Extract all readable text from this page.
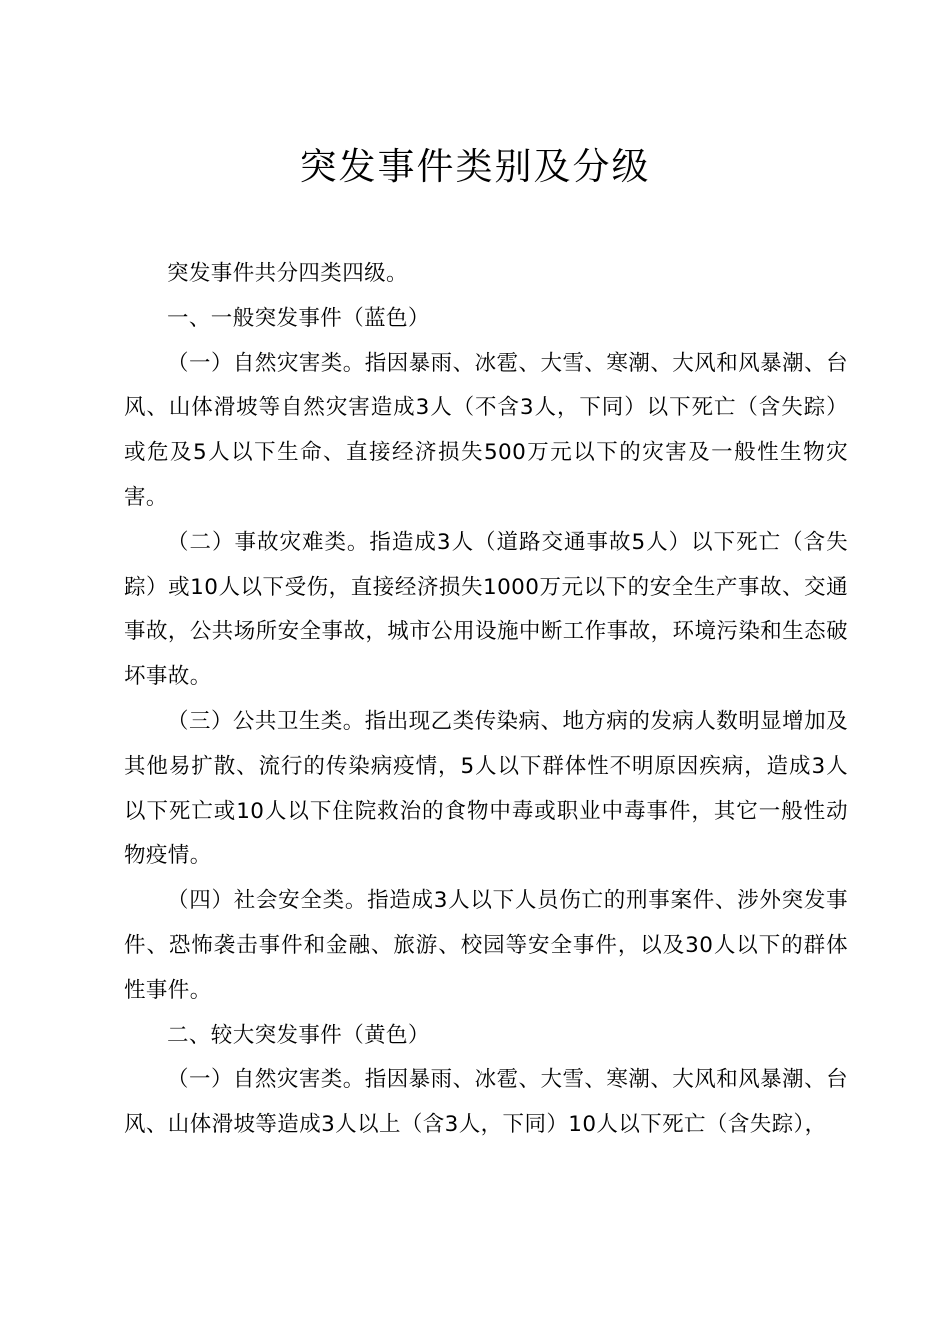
突发事件类别及分级

突发事件共分四类四级。

一、一般突发事件（蓝色）

（一）自然灾害类。指因暴雨、冰雹、大雪、寒潮、大风和风暴潮、台风、山体滑坡等自然灾害造成3人（不含3人，下同）以下死亡（含失踪）或危及5人以下生命、直接经济损失500万元以下的灾害及一般性生物灾害。

（二）事故灾难类。指造成3人（道路交通事故5人）以下死亡（含失踪）或10人以下受伤，直接经济损失1000万元以下的安全生产事故、交通事故，公共场所安全事故，城市公用设施中断工作事故，环境污染和生态破坏事故。

（三）公共卫生类。指出现乙类传染病、地方病的发病人数明显增加及其他易扩散、流行的传染病疫情，5人以下群体性不明原因疾病，造成3人以下死亡或10人以下住院救治的食物中毒或职业中毒事件，其它一般性动物疫情。

（四）社会安全类。指造成3人以下人员伤亡的刑事案件、涉外突发事件、恐怖袭击事件和金融、旅游、校园等安全事件，以及30人以下的群体性事件。

二、较大突发事件（黄色）

（一）自然灾害类。指因暴雨、冰雹、大雪、寒潮、大风和风暴潮、台风、山体滑坡等造成3人以上（含3人，下同）10人以下死亡（含失踪），
